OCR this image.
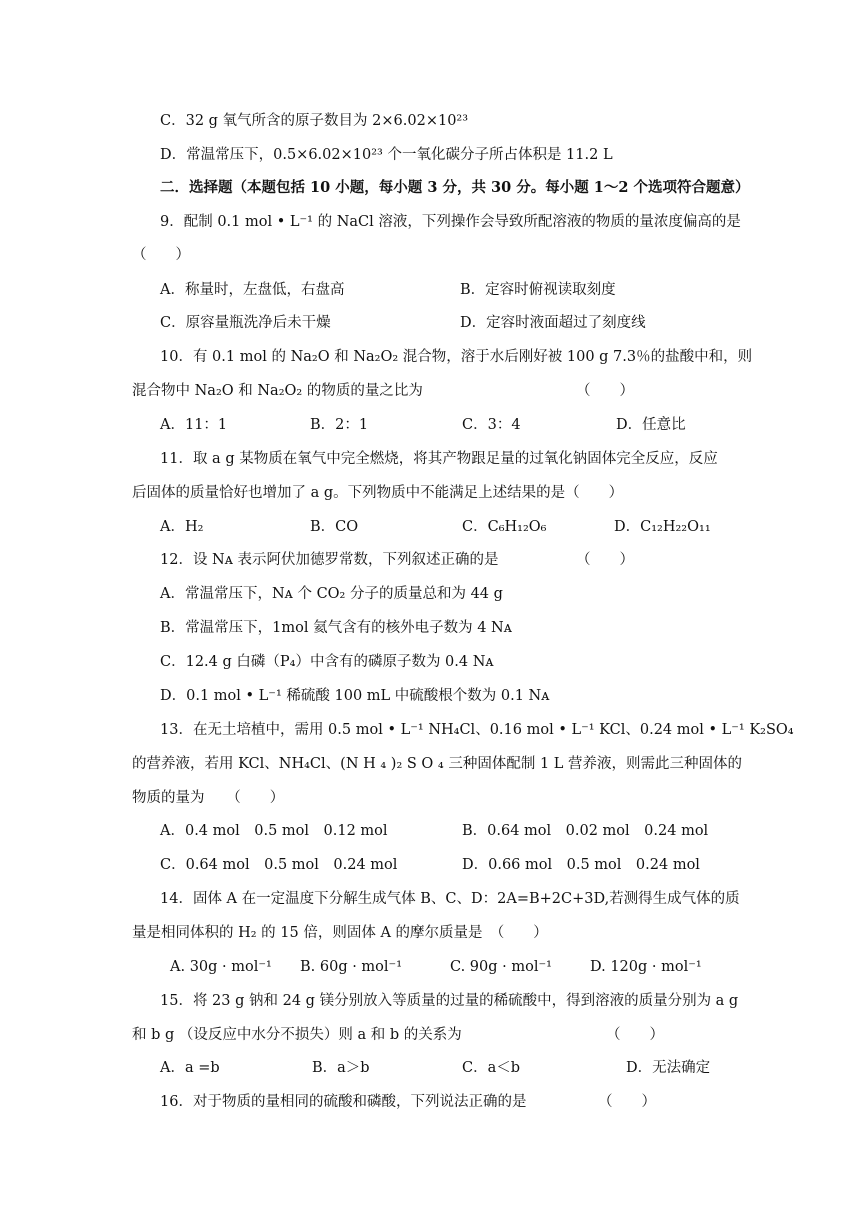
C．32 g 氧气所含的原子数目为 2×6.02×10²³
D．常温常压下，0.5×6.02×10²³ 个一氧化碳分子所占体积是 11.2 L
二．选择题（本题包括 10 小题，每小题 3 分，共 30 分。每小题 1～2 个选项符合题意）
9．配制 0.1 mol • L⁻¹ 的 NaCl 溶液，下列操作会导致所配溶液的物质的量浓度偏高的是
（　　）
A．称量时，左盘低，右盘高	B．定容时俯视读取刻度
C．原容量瓶洗净后未干燥	D．定容时液面超过了刻度线
10．有 0.1 mol 的 Na₂O 和 Na₂O₂ 混合物，溶于水后刚好被 100 g 7.3％的盐酸中和，则
混合物中 Na₂O 和 Na₂O₂ 的物质的量之比为	（　　）
A．11：1	B．2：1	C．3：4	D．任意比
11．取 a g 某物质在氧气中完全燃烧，将其产物跟足量的过氧化钠固体完全反应，反应
后固体的质量恰好也增加了 a g。下列物质中不能满足上述结果的是（　　）
A．H₂	B．CO	C．C₆H₁₂O₆	D．C₁₂H₂₂O₁₁
12．设 Nᴀ 表示阿伏加德罗常数，下列叙述正确的是	（　　）
A．常温常压下，Nᴀ 个 CO₂ 分子的质量总和为 44 g
B．常温常压下，1mol 氦气含有的核外电子数为 4 Nᴀ
C．12.4 g 白磷（P₄）中含有的磷原子数为 0.4 Nᴀ
D．0.1 mol • L⁻¹ 稀硫酸 100 mL 中硫酸根个数为 0.1 Nᴀ
13．在无土培植中，需用 0.5 mol • L⁻¹ NH₄Cl、0.16 mol • L⁻¹ KCl、0.24 mol • L⁻¹ K₂SO₄
的营养液，若用 KCl、NH₄Cl、(N H ₄ )₂ S O ₄ 三种固体配制 1 L 营养液，则需此三种固体的
物质的量为　　（　　）
A．0.4 mol　0.5 mol　0.12 mol	B．0.64 mol　0.02 mol　0.24 mol
C．0.64 mol　0.5 mol　0.24 mol	D．0.66 mol　0.5 mol　0.24 mol
14．固体 A 在一定温度下分解生成气体 B、C、D：2A=B+2C+3D,若测得生成气体的质
量是相同体积的 H₂ 的 15 倍，则固体 A 的摩尔质量是　（　　）
A. 30g · mol⁻¹ B. 60g · mol⁻¹	C. 90g · mol⁻¹	D. 120g · mol⁻¹
15．将 23 g 钠和 24 g 镁分别放入等质量的过量的稀硫酸中，得到溶液的质量分别为 a g
和 b g （设反应中水分不损失）则 a 和 b 的关系为	（　　）
A．a =b	B．a＞b	C．a＜b	D．无法确定
16．对于物质的量相同的硫酸和磷酸，下列说法正确的是	（　　）
